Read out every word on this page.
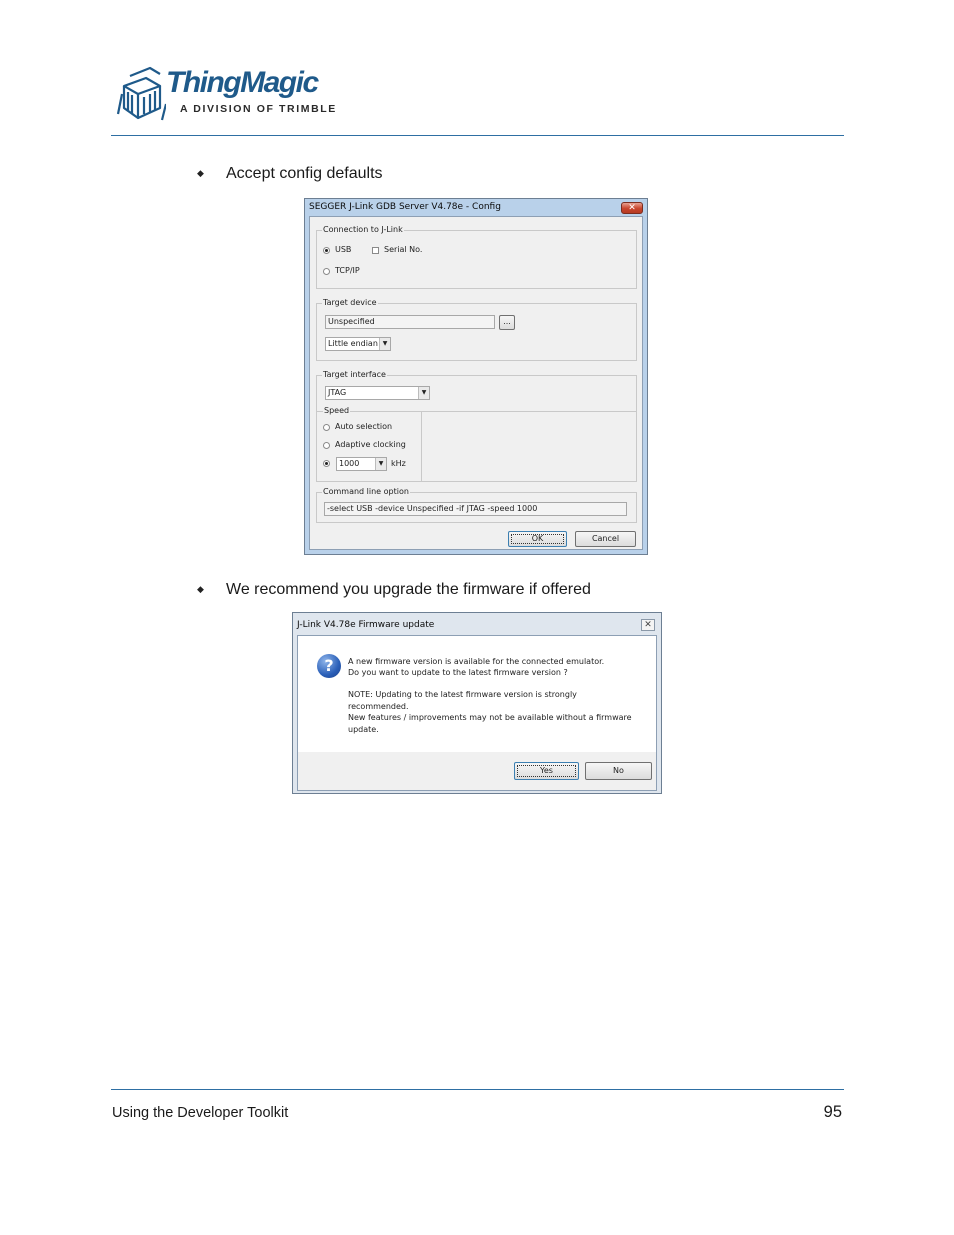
ThingMagic
A DIVISION OF TRIMBLE
◆ Accept config defaults
SEGGER J-Link GDB Server V4.78e - Config	✕
Connection to J-Link
USB	Serial No.
TCP/IP
Target device
Unspecified	...
Little endian ▼
Target interface
JTAG	▼
Speed
Auto selection
Adaptive clocking
1000	▼ kHz
Command line option
-select USB -device Unspecified -if JTAG -speed 1000
OK	Cancel
◆ We recommend you upgrade the firmware if offered
J-Link V4.78e Firmware update	✕
?	A new firmware version is available for the connected emulator.
Do you want to update to the latest firmware version ?
NOTE: Updating to the latest firmware version is strongly
recommended.
New features / improvements may not be available without a firmware
update.
Yes	No
Using the Developer Toolkit	95
